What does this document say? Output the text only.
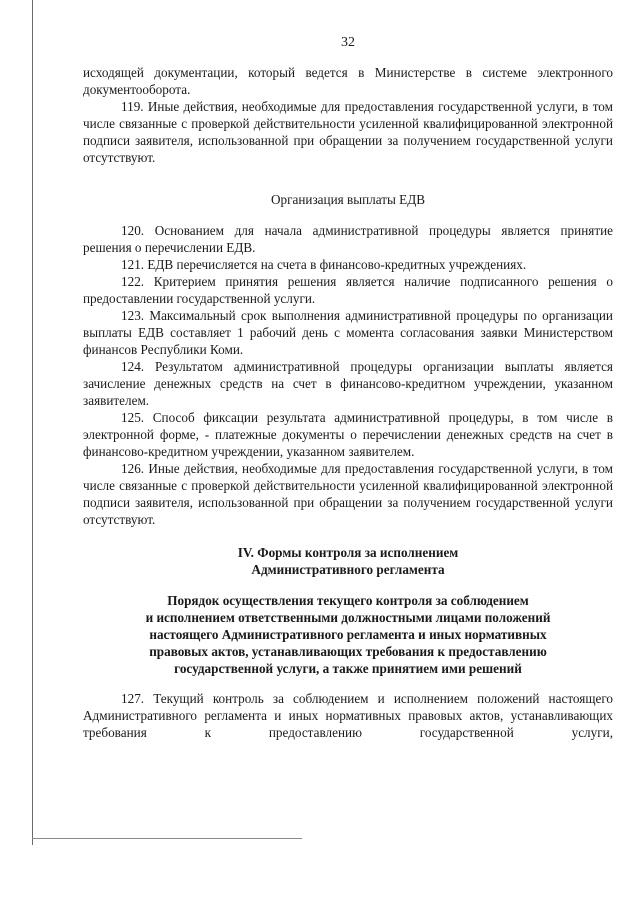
32

исходящей документации, который ведется в Министерстве в системе электронного документооборота.

119. Иные действия, необходимые для предоставления государственной услуги, в том числе связанные с проверкой действительности усиленной квалифицированной электронной подписи заявителя, использованной при обращении за получением государственной услуги отсутствуют.

Организация выплаты ЕДВ

120. Основанием для начала административной процедуры является принятие решения о перечислении ЕДВ.

121. ЕДВ перечисляется на счета в финансово-кредитных учреждениях.

122. Критерием принятия решения является наличие подписанного решения о предоставлении государственной услуги.

123. Максимальный срок выполнения административной процедуры по организации выплаты ЕДВ составляет 1 рабочий день с момента согласования заявки Министерством финансов Республики Коми.

124. Результатом административной процедуры организации выплаты является зачисление денежных средств на счет в финансово-кредитном учреждении, указанном заявителем.

125. Способ фиксации результата административной процедуры, в том числе в электронной форме, - платежные документы о перечислении денежных средств на счет в финансово-кредитном учреждении, указанном заявителем.

126. Иные действия, необходимые для предоставления государственной услуги, в том числе связанные с проверкой действительности усиленной квалифицированной электронной подписи заявителя, использованной при обращении за получением государственной услуги отсутствуют.

IV. Формы контроля за исполнением

Административного регламента

Порядок осуществления текущего контроля за соблюдением

и исполнением ответственными должностными лицами положений

настоящего Административного регламента и иных нормативных

правовых актов, устанавливающих требования к предоставлению

государственной услуги, а также принятием ими решений

127. Текущий контроль за соблюдением и исполнением положений настоящего Административного регламента и иных нормативных правовых актов, устанавливающих требования к предоставлению государственной услуги,
